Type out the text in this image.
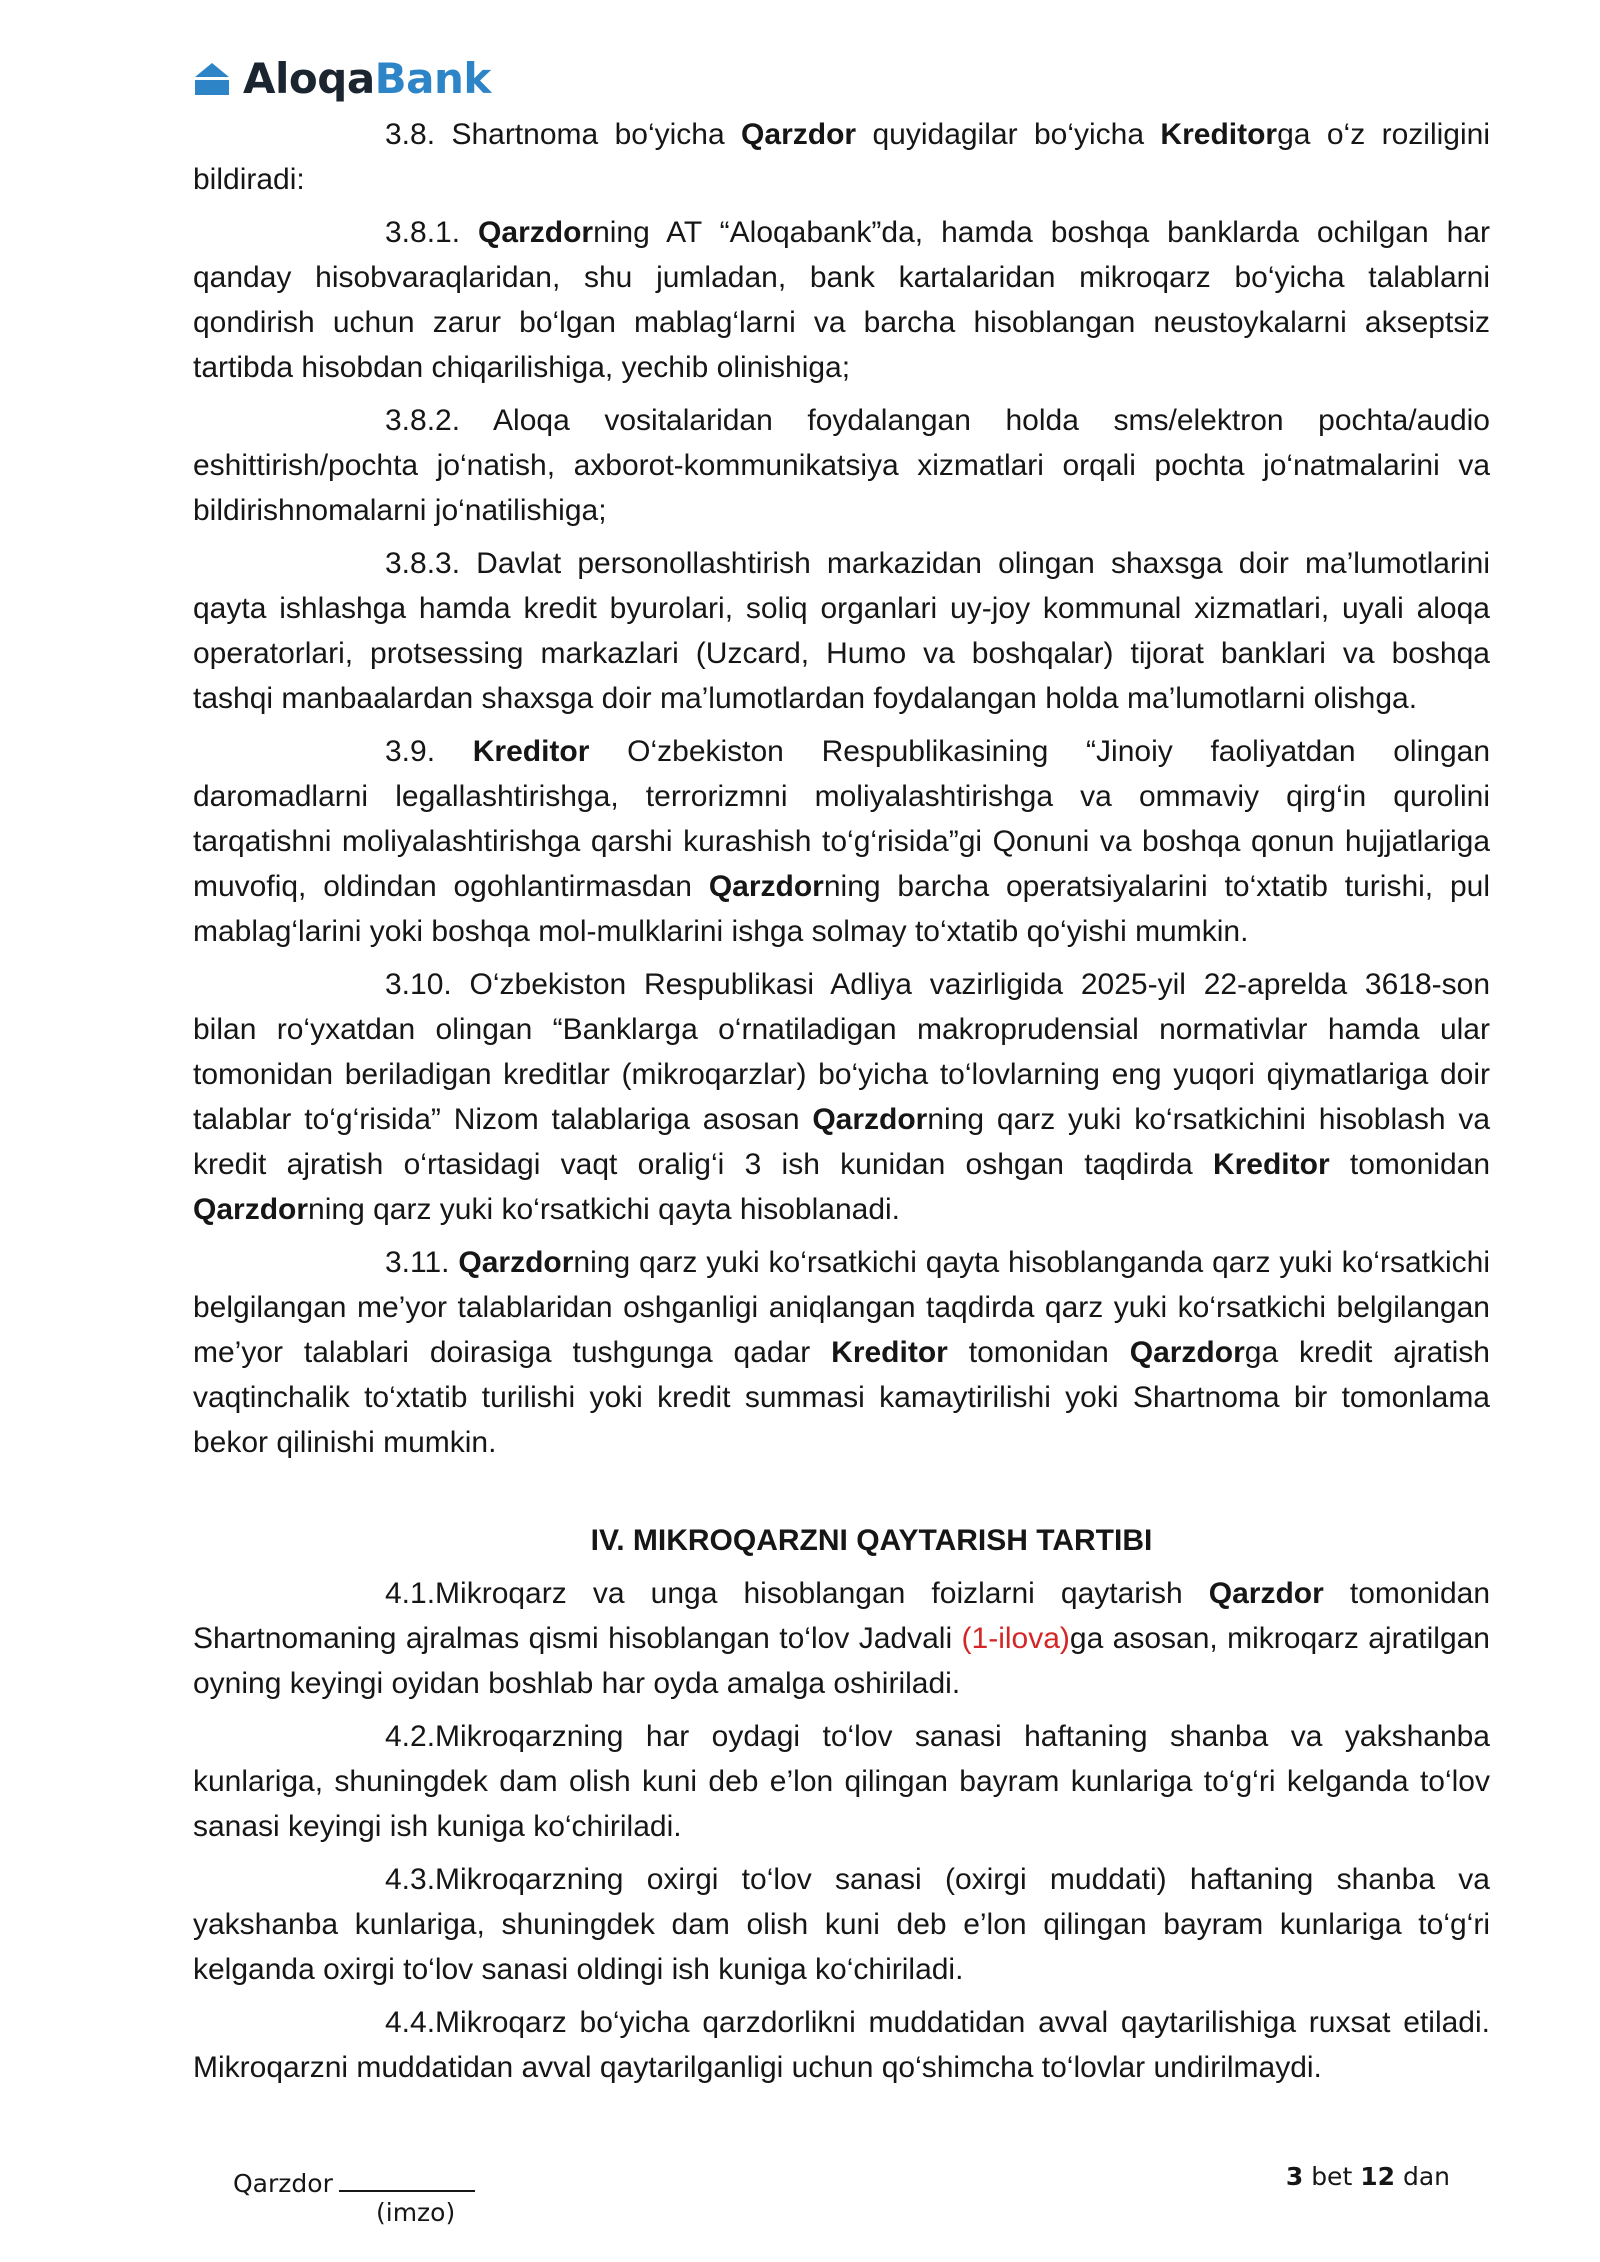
AloqaBank

3.8. Shartnoma bo‘yicha Qarzdor quyidagilar bo‘yicha Kreditorga o‘z roziligini bildiradi:

3.8.1. Qarzdorning AT “Aloqabank”da, hamda boshqa banklarda ochilgan har qanday hisobvaraqlaridan, shu jumladan, bank kartalaridan mikroqarz bo‘yicha talablarni qondirish uchun zarur bo‘lgan mablag‘larni va barcha hisoblangan neustoykalarni akseptsiz tartibda hisobdan chiqarilishiga, yechib olinishiga;

3.8.2. Aloqa vositalaridan foydalangan holda sms/elektron pochta/audio eshittirish/pochta jo‘natish, axborot-kommunikatsiya xizmatlari orqali pochta jo‘natmalarini va bildirishnomalarni jo‘natilishiga;

3.8.3. Davlat personollashtirish markazidan olingan shaxsga doir ma’lumotlarini qayta ishlashga hamda kredit byurolari, soliq organlari uy-joy kommunal xizmatlari, uyali aloqa operatorlari, protsessing markazlari (Uzcard, Humo va boshqalar) tijorat banklari va boshqa tashqi manbaalardan shaxsga doir ma’lumotlardan foydalangan holda ma’lumotlarni olishga.

3.9. Kreditor O‘zbekiston Respublikasining “Jinoiy faoliyatdan olingan daromadlarni legallashtirishga, terrorizmni moliyalashtirishga va ommaviy qirg‘in qurolini tarqatishni moliyalashtirishga qarshi kurashish to‘g‘risida”gi Qonuni va boshqa qonun hujjatlariga muvofiq, oldindan ogohlantirmasdan Qarzdorning barcha operatsiyalarini to‘xtatib turishi, pul mablag‘larini yoki boshqa mol-mulklarini ishga solmay to‘xtatib qo‘yishi mumkin.

3.10. O‘zbekiston Respublikasi Adliya vazirligida 2025-yil 22-aprelda 3618-son bilan ro‘yxatdan olingan “Banklarga o‘rnatiladigan makroprudensial normativlar hamda ular tomonidan beriladigan kreditlar (mikroqarzlar) bo‘yicha to‘lovlarning eng yuqori qiymatlariga doir talablar to‘g‘risida” Nizom talablariga asosan Qarzdorning qarz yuki ko‘rsatkichini hisoblash va kredit ajratish o‘rtasidagi vaqt oralig‘i 3 ish kunidan oshgan taqdirda Kreditor tomonidan Qarzdorning qarz yuki ko‘rsatkichi qayta hisoblanadi.

3.11. Qarzdorning qarz yuki ko‘rsatkichi qayta hisoblanganda qarz yuki ko‘rsatkichi belgilangan me’yor talablaridan oshganligi aniqlangan taqdirda qarz yuki ko‘rsatkichi belgilangan me’yor talablari doirasiga tushgunga qadar Kreditor tomonidan Qarzdorga kredit ajratish vaqtinchalik to‘xtatib turilishi yoki kredit summasi kamaytirilishi yoki Shartnoma bir tomonlama bekor qilinishi mumkin.

IV. MIKROQARZNI QAYTARISH TARTIBI

4.1.Mikroqarz va unga hisoblangan foizlarni qaytarish Qarzdor tomonidan Shartnomaning ajralmas qismi hisoblangan to‘lov Jadvali (1-ilova)ga asosan, mikroqarz ajratilgan oyning keyingi oyidan boshlab har oyda amalga oshiriladi.

4.2.Mikroqarzning har oydagi to‘lov sanasi haftaning shanba va yakshanba kunlariga, shuningdek dam olish kuni deb e’lon qilingan bayram kunlariga to‘g‘ri kelganda to‘lov sanasi keyingi ish kuniga ko‘chiriladi.

4.3.Mikroqarzning oxirgi to‘lov sanasi (oxirgi muddati) haftaning shanba va yakshanba kunlariga, shuningdek dam olish kuni deb e’lon qilingan bayram kunlariga to‘g‘ri kelganda oxirgi to‘lov sanasi oldingi ish kuniga ko‘chiriladi.

4.4.Mikroqarz bo‘yicha qarzdorlikni muddatidan avval qaytarilishiga ruxsat etiladi. Mikroqarzni muddatidan avval qaytarilganligi uchun qo‘shimcha to‘lovlar undirilmaydi.

Qarzdor
(imzo)
3 bet 12 dan
